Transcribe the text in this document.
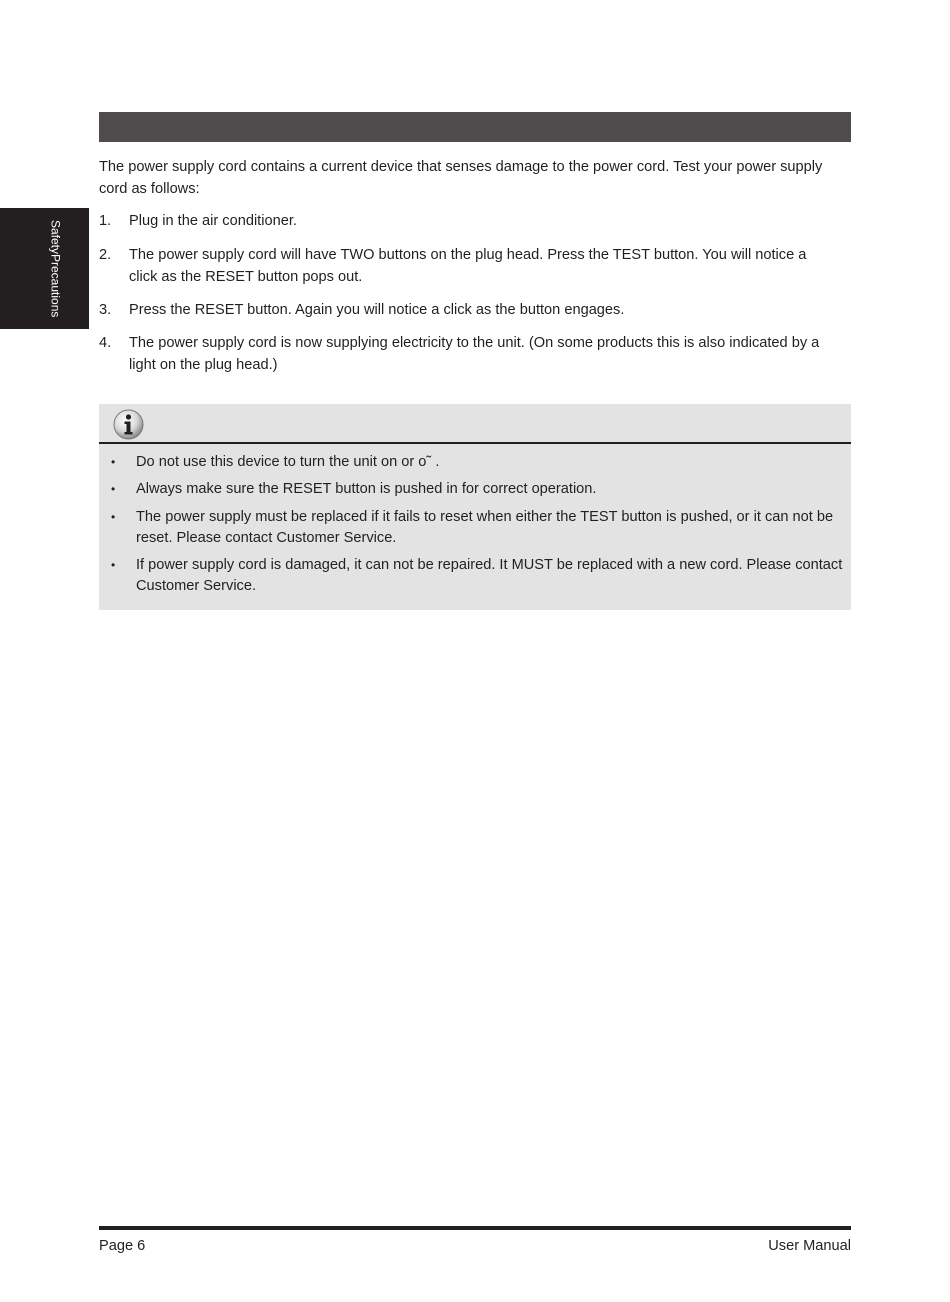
Safety
Precautions

The power supply cord contains a current device that senses damage to the power cord. Test your power supply cord as follows:

1. Plug in the air conditioner.
2. The power supply cord will have TWO buttons on the plug head. Press the TEST button. You will notice a click as the RESET button pops out.
3. Press the RESET button. Again you will notice a click as the button engages.
4. The power supply cord is now supplying electricity to the unit. (On some products this is also indicated by a light on the plug head.)
• Do not use this device to turn the unit on or o˜ .
• Always make sure the RESET button is pushed in for correct operation.
• The power supply must be replaced if it fails to reset when either the TEST button is pushed, or it can not be reset. Please contact Customer Service.
• If power supply cord is damaged, it can not be repaired. It MUST be replaced with a new cord. Please contact Customer Service.
Page 6	User Manual
